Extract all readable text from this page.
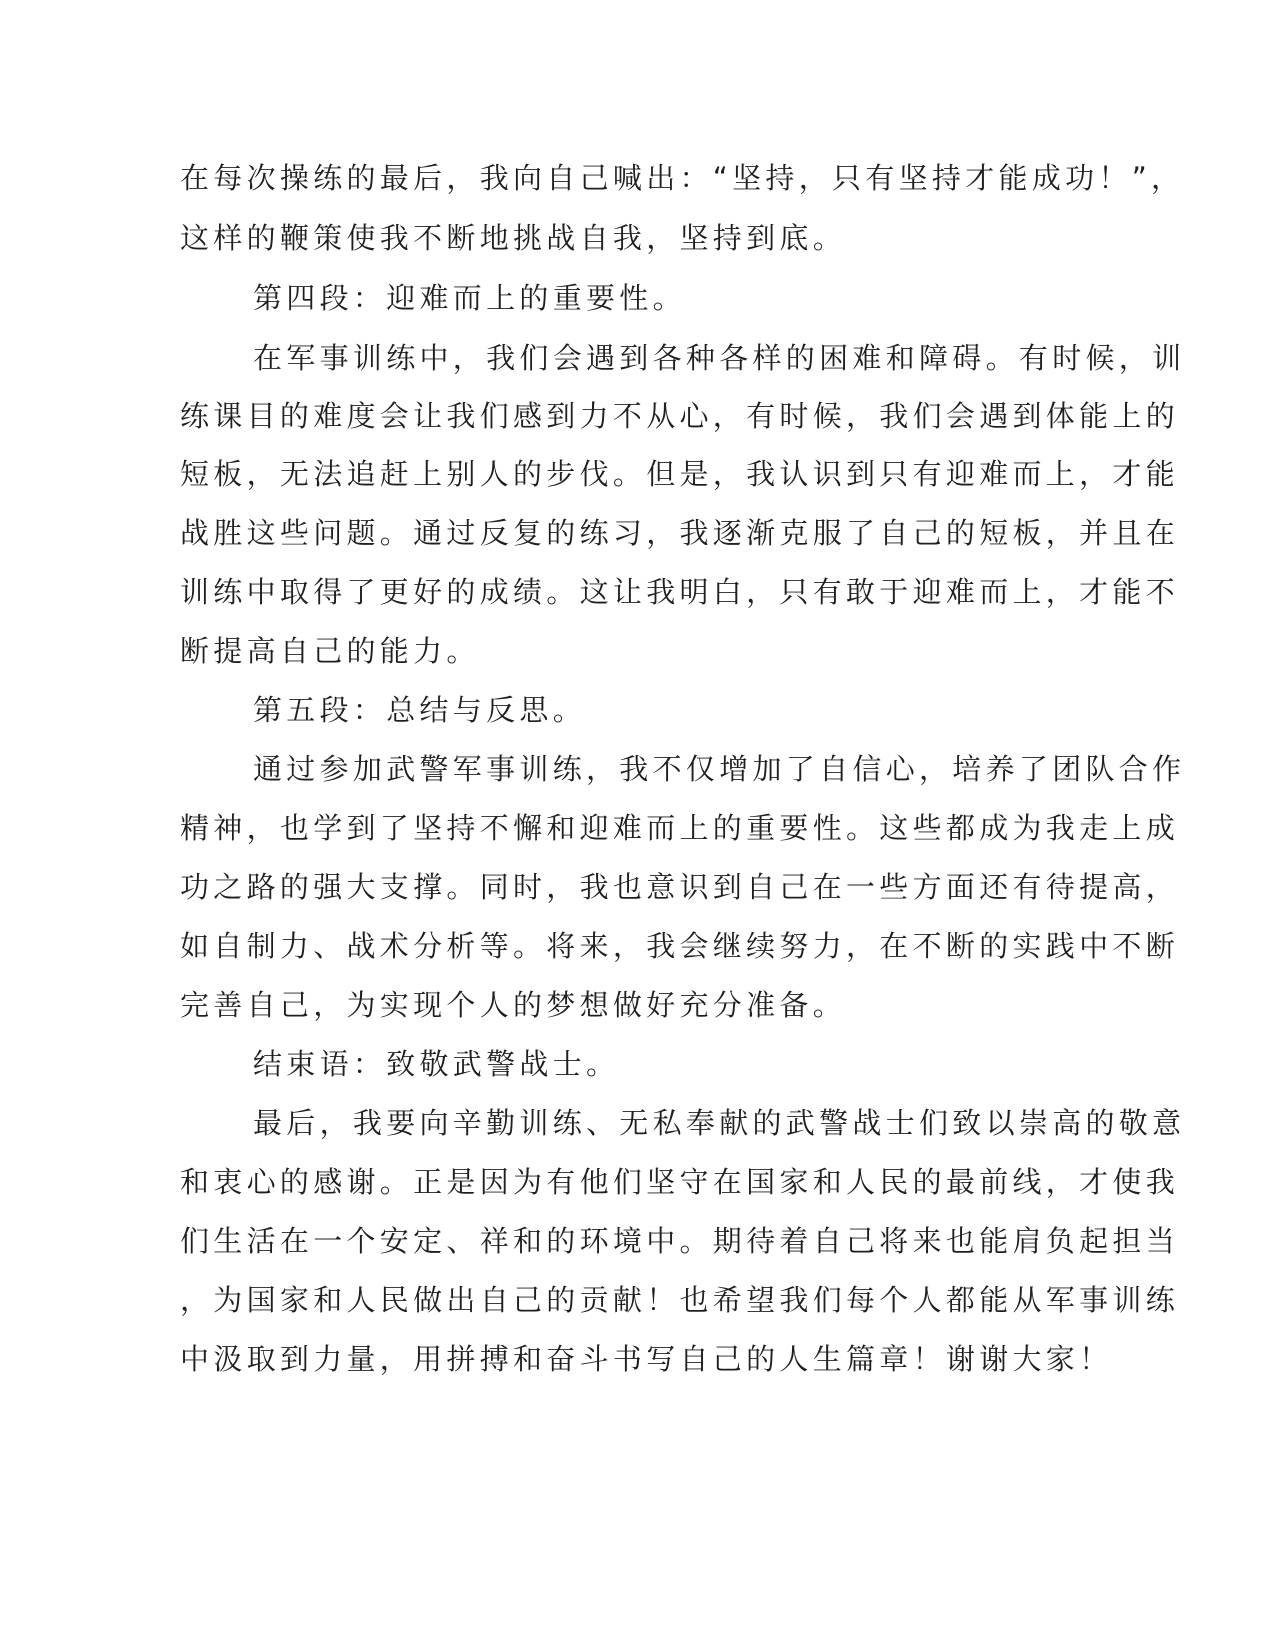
在每次操练的最后，我向自己喊出：“坚持，只有坚持才能成功！”，
这样的鞭策使我不断地挑战自我，坚持到底。
第四段：迎难而上的重要性。
在军事训练中，我们会遇到各种各样的困难和障碍。有时候，训
练课目的难度会让我们感到力不从心，有时候，我们会遇到体能上的
短板，无法追赶上别人的步伐。但是，我认识到只有迎难而上，才能
战胜这些问题。通过反复的练习，我逐渐克服了自己的短板，并且在
训练中取得了更好的成绩。这让我明白，只有敢于迎难而上，才能不
断提高自己的能力。
第五段：总结与反思。
通过参加武警军事训练，我不仅增加了自信心，培养了团队合作
精神，也学到了坚持不懈和迎难而上的重要性。这些都成为我走上成
功之路的强大支撑。同时，我也意识到自己在一些方面还有待提高，
如自制力、战术分析等。将来，我会继续努力，在不断的实践中不断
完善自己，为实现个人的梦想做好充分准备。
结束语：致敬武警战士。
最后，我要向辛勤训练、无私奉献的武警战士们致以崇高的敬意
和衷心的感谢。正是因为有他们坚守在国家和人民的最前线，才使我
们生活在一个安定、祥和的环境中。期待着自己将来也能肩负起担当
，为国家和人民做出自己的贡献！也希望我们每个人都能从军事训练
中汲取到力量，用拼搏和奋斗书写自己的人生篇章！谢谢大家！
